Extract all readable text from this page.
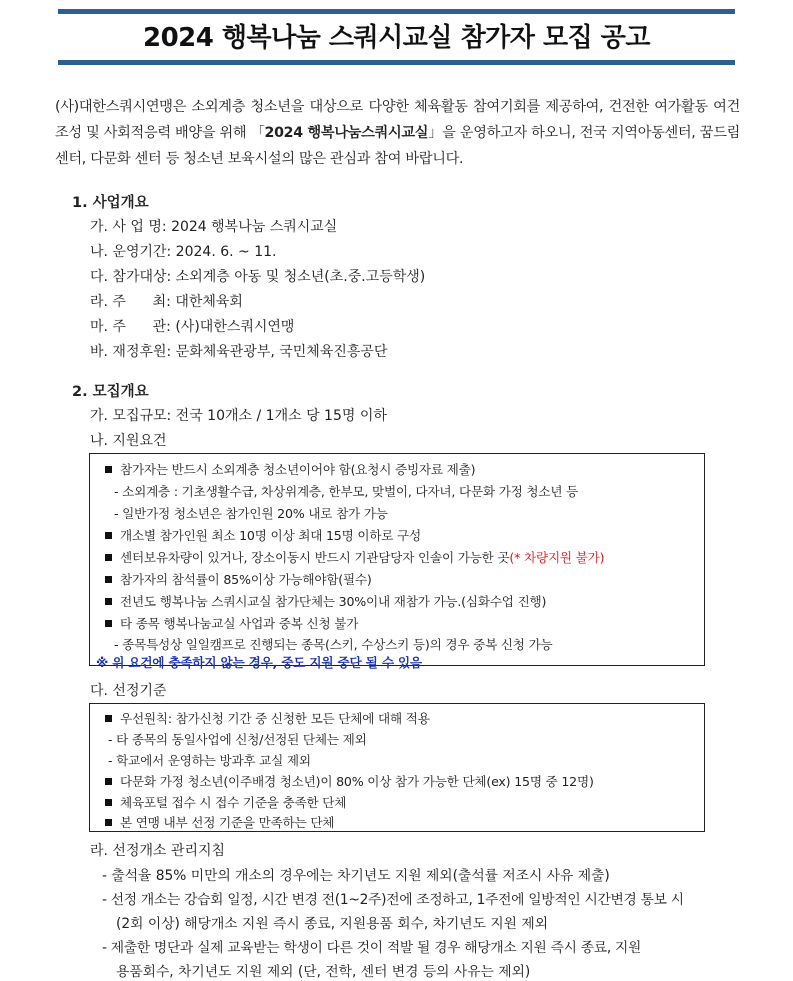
2024 행복나눔 스쿼시교실 참가자 모집 공고
(사)대한스쿼시연맹은 소외계층 청소년을 대상으로 다양한 체육활동 참여기회를 제공하여, 건전한 여가활동 여건조성 및 사회적응력 배양을 위해 「2024 행복나눔스쿼시교실」을 운영하고자 하오니, 전국 지역아동센터, 꿈드림센터, 다문화 센터 등 청소년 보육시설의 많은 관심과 참여 바랍니다.
1. 사업개요
가. 사 업 명: 2024 행복나눔 스쿼시교실
나. 운영기간: 2024. 6. ~ 11.
다. 참가대상: 소외계층 아동 및 청소년(초.중.고등학생)
라. 주      최: 대한체육회
마. 주      관: (사)대한스쿼시연맹
바. 재정후원: 문화체육관광부, 국민체육진흥공단
2. 모집개요
가. 모집규모: 전국 10개소 / 1개소 당 15명 이하
나. 지원요건
참가자는 반드시 소외계층 청소년이어야 함(요청시 증빙자료 제출)
- 소외계층 : 기초생활수급, 차상위계층, 한부모, 맞벌이, 다자녀, 다문화 가정 청소년 등
- 일반가정 청소년은 참가인원 20% 내로 참가 가능
개소별 참가인원 최소 10명 이상 최대 15명 이하로 구성
센터보유차량이 있거나, 장소이동시 반드시 기관담당자 인솔이 가능한 곳(* 차량지원 불가)
참가자의 참석률이 85%이상 가능해야함(필수)
전년도 행복나눔 스쿼시교실 참가단체는 30%이내 재참가 가능.(심화수업 진행)
타 종목 행복나눔교실 사업과 중복 신청 불가
- 종목특성상 일일캠프로 진행되는 종목(스키, 수상스키 등)의 경우 중복 신청 가능
※ 위 요건에 충족하지 않는 경우, 중도 지원 중단 될 수 있음
다. 선정기준
우선원칙: 참가신청 기간 중 신청한 모든 단체에 대해 적용
- 타 종목의 동일사업에 신청/선정된 단체는 제외
- 학교에서 운영하는 방과후 교실 제외
다문화 가정 청소년(이주배경 청소년)이 80% 이상 참가 가능한 단체(ex) 15명 중 12명)
체육포털 접수 시 접수 기준을 충족한 단체
본 연맹 내부 선정 기준을 만족하는 단체
라. 선정개소 관리지침
- 출석율 85% 미만의 개소의 경우에는 차기년도 지원 제외(출석률 저조시 사유 제출)
- 선정 개소는 강습회 일정, 시간 변경 전(1~2주)전에 조정하고, 1주전에 일방적인 시간변경 통보 시
(2회 이상) 해당개소 지원 즉시 종료, 지원용품 회수, 차기년도 지원 제외
- 제출한 명단과 실제 교육받는 학생이 다른 것이 적발 될 경우 해당개소 지원 즉시 종료, 지원
용품회수, 차기년도 지원 제외 (단, 전학, 센터 변경 등의 사유는 제외)
